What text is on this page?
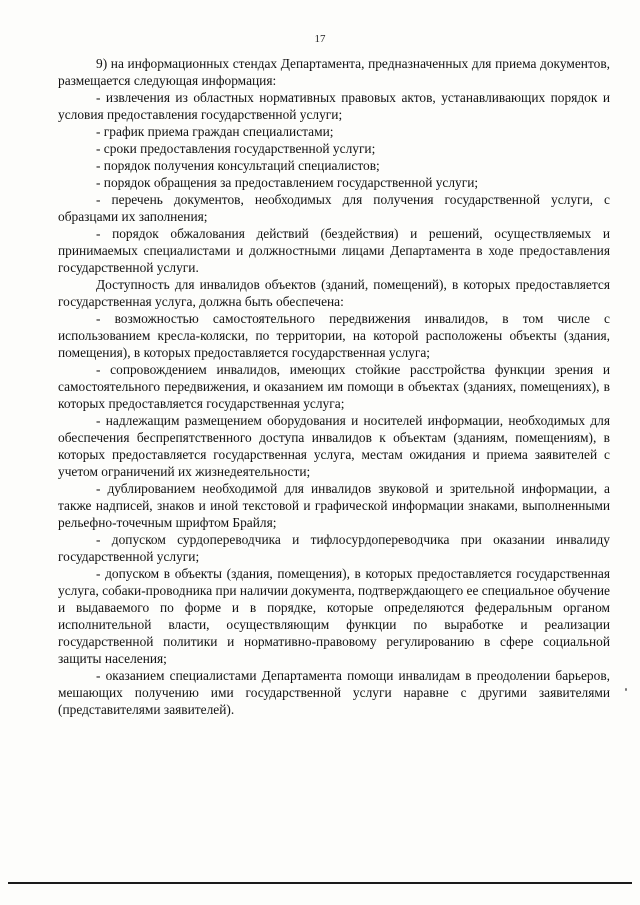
17

9) на информационных стендах Департамента, предназначенных для приема документов, размещается следующая информация:

- извлечения из областных нормативных правовых актов, устанавливающих порядок и условия предоставления государственной услуги;

- график приема граждан специалистами;

- сроки предоставления государственной услуги;

- порядок получения консультаций специалистов;

- порядок обращения за предоставлением государственной услуги;

- перечень документов, необходимых для получения государственной услуги, с образцами их заполнения;

- порядок обжалования действий (бездействия) и решений, осуществляемых и принимаемых специалистами и должностными лицами Департамента в ходе предоставления государственной услуги.

Доступность для инвалидов объектов (зданий, помещений), в которых предоставляется государственная услуга, должна быть обеспечена:

- возможностью самостоятельного передвижения инвалидов, в том числе с использованием кресла-коляски, по территории, на которой расположены объекты (здания, помещения), в которых предоставляется государственная услуга;

- сопровождением инвалидов, имеющих стойкие расстройства функции зрения и самостоятельного передвижения, и оказанием им помощи в объектах (зданиях, помещениях), в которых предоставляется государственная услуга;

- надлежащим размещением оборудования и носителей информации, необходимых для обеспечения беспрепятственного доступа инвалидов к объектам (зданиям, помещениям), в которых предоставляется государственная услуга, местам ожидания и приема заявителей с учетом ограничений их жизнедеятельности;

- дублированием необходимой для инвалидов звуковой и зрительной информации, а также надписей, знаков и иной текстовой и графической информации знаками, выполненными рельефно-точечным шрифтом Брайля;

- допуском сурдопереводчика и тифлосурдопереводчика при оказании инвалиду государственной услуги;

- допуском в объекты (здания, помещения), в которых предоставляется государственная услуга, собаки-проводника при наличии документа, подтверждающего ее специальное обучение и выдаваемого по форме и в порядке, которые определяются федеральным органом исполнительной власти, осуществляющим функции по выработке и реализации государственной политики и нормативно-правовому регулированию в сфере социальной защиты населения;

- оказанием специалистами Департамента помощи инвалидам в преодолении барьеров, мешающих получению ими государственной услуги наравне с другими заявителями (представителями заявителей).
